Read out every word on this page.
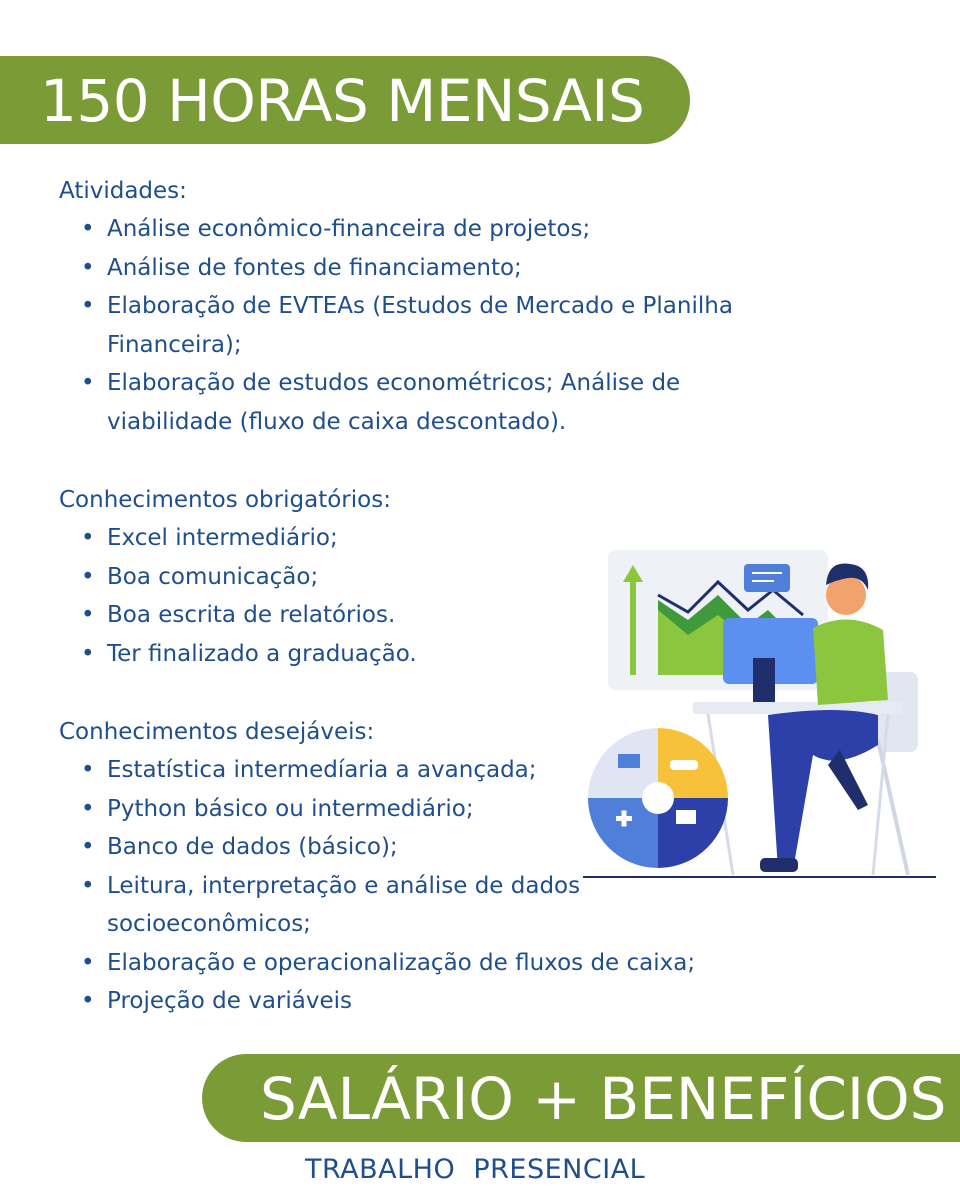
150 HORAS MENSAIS

Atividades:

• Análise econômico-financeira de projetos;
• Análise de fontes de financiamento;
• Elaboração de EVTEAs (Estudos de Mercado e Planilha Financeira);
• Elaboração de estudos econométricos; Análise de viabilidade (fluxo de caixa descontado).

Conhecimentos obrigatórios:

• Excel intermediário;
• Boa comunicação;
• Boa escrita de relatórios.
• Ter finalizado a graduação.

Conhecimentos desejáveis:

• Estatística intermedíaria a avançada;
• Python básico ou intermediário;
• Banco de dados (básico);
• Leitura, interpretação e análise de dados socioeconômicos;
• Elaboração e operacionalização de fluxos de caixa;
• Projeção de variáveis
SALÁRIO + BENEFÍCIOS
TRABALHO  PRESENCIAL
